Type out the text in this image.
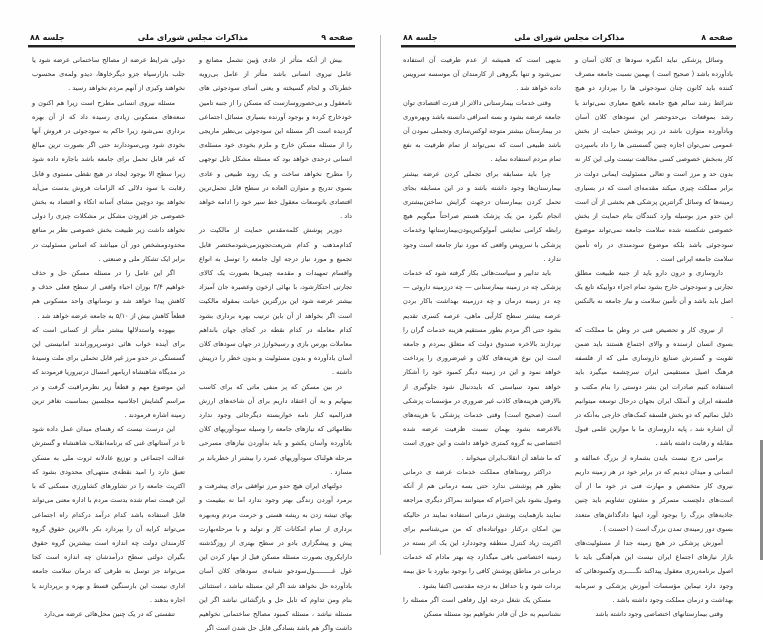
صفحه ۹
مذاکرات مجلس شورای ملی
جلسه ۸۸

بیش از آنکه متأثر از عادی ؤبین تشمل مصانع و عامل نیروی انسانی باشد متأثر از عامل بی‌رویه خطرناک و لجام گسیخته و یعنی آسای سودجوئی های نامعقول و بی‌حصوروسازست که مسکن را از جنبه تامین خودخارج کرده و بوجود آورنده بسیاری مسائل اجتماعی گردیده است اگر مسئله این سودجوئی بی‌نظیر ماریجی را از مسئله مسکن خارج و ملزم بخودی خود مسئله‌ی انسانی درحدی خواهد بود که مسئله مشکل تابل توجهی را مطرح نخواهد ساخت و یک روند طبیعی و عادی بسوی تدریج و متوازن العاده در سطح قابل تحمل‌ترین اقتصادی باتوسعات معقول خط سیر خود را ادامه خواهد داد .

دوزیر پوشش کلمه‌مقدس حمایت از مالکیت در کدام‌مذهب و کدام شریعت‌تجویزمی‌شودمختصر قابل تجمیع و مورد نیاز درجه اول جامعه را توسل به انواع واقسام تمهیدات و مقدمه چینی‌ها بصورت یک کالای تجارتی احتکارشود، با بهائی ازخون وعصیره جان آمیزاد بیشتر عرضه شود این بزرگترین خیانت بمقوله مالکیت است اگر بخواهد از آن باین ترتیب بهره برداری بشود کدام معامله در کدام نقطه در کجای جهان بانداهم معاملات بورس بازی و رسیخوارژ در جهان سودهای کلان آسان بادآورده و بدون مسئولیت و بدون خطر را درپیش داشته .

در بین مسکن که پر منفی ماتی که برای کاسب بینهایم و به آن اعتقاد داریم برای آن شاخه‌های ارزش قدرالمیه کنار نامه خواربسته دیگرجائی وجود ندارد نظامهائی که نیازهای جامعه را وسیله سودآوریهای کلان بادآورده وآسان یکشو و باید بدآوردن نیازهای مسرحی مرحله هولناک سودآوریهای عمرد را بیشتر از خطرباند بر مسازد .

دولتهای ایران هیچ حدو مرز توافقی برای پیشرفت و برمرد آوردن زندگی بهتر وجود ندارد اما نه بیقیمت و بهای تیشه زدن به ریشه هستی و حرمت مردم وبه‌بهره برداری از تمام امکانات کار و تولید و با مرحله‌بهارت پیش و پیشگزاری بادو در سطح بهتری از روزگذشته دارایکروی بصورت مسئله مسکن قبل از مهار کردن این غول غـــــــــول‌سودجو شبانه‌ی سودهای کلان آسان بادآورده حل نخواهد شد اگر این مسئله نباشد ، استثنائی بنام ومن تداوم که تابل حل و بازگشائی نباشد اگر این مسئله نباشد ، مسئله کمبود مصالح ساختمانی نخواهیم داشت واگر هم باشد بسادگی قابل حل شدن است اگر

دولی شرایط عرضه از مصالح ساختمانی عرضه شود یا جلب بازارسیاه جزو دیگرخاوها، دیدو ولمه‌ی محسوب نخواهند وکیزی از آنهم مردم نخواهد رسید .

مسئله نیروی انسانی مطرح است زیرا هم اکنون و سعه‌های مسکونی زیادی رسیده داد که از آن بهره برداری نمی‌شود زیرا حاکم به سودجوئی در فروش آنها بخودی شود وبی‌سوددارند حتی اگر بصورت ترین مبالغ که غیر قابل تحمل برای جامعه باشد باجاره داده شود زیرا سطح الا بوجود ایجاد در هیچ نقطی مستوی و قابل رقابت با سود دلالی که الزامات فروش بدست می‌آید نخواهد بود دوچین مشای آسانه اتکاء و اقتصاد به بخش خصوصی جز افزودن مشکل بر مشکلات چیزی را دولی نخواهد داشت زیر طبیعت بخش خصوصی نظر بر منافع محدودومشخص دور آن میباشد که اساس مسئولیت در برابر ایک تشکار ملی و صنعتی .

اگر این عامل را در مسئله مسکن حل و حذف خواهیم ۳/۴ بوزان احیاء واقعی از سطح فعلی حذف و کاهش پیدا خواهد شد و نوسانهای واحد مسکونی هم قطعاً کاهش بیش از ۵/۱۰ به جامعه عرضه خواهد شد .

بیهوده واستدلالها بیشتر متأثر از کسانی است که برای آینده خواب هائی دوسرپروراندند امانیستی این گسستگی در حدو مرز غیر قابل تحملی برای ملت وسیدهٔ در مدیگاه شاهنشاه اریامهر امسال درتیروریا فرمودند که این موضوع مهم و قطعاً زیر نظرمراقبت گرفت و در مراسم گشایش اجلاسیه مجلسین بمناسبت تغافر ترین زمینه اشاره فرمودند .

این درست نیست که رهنمای میدان عمل داده شود تا در آستانهای غنی که برنامه‌انقلاب شاهنشاه و گسترش عدالت اجتماعی و توزیع عادلانه ثروت ملی به مسکن تعبق دارد را امید نقطه‌ی منتهی‌ای محدودی بشود که اکثریت جامعه را در تشاورهای کشاورزی مسکنی که با این قیمت تمام شده بدست مردم با اداره معنی می‌تواند قابل استفاده باشد کدام درآمد درکدام راه اجتماعی می‌تواند کرایه آن را بپردازد بکر بالاترین حقوق گروه کارمندان دولت چه اندازه است بیشترین گروه حقوق بگیران دولتی سطح درآمدشان چه اندازه است کجا می‌تواند جز توسل به طرقی که درمان سلامت جامعه اداری نیست این بارسنگین قسط و بهره و برپردازند یا اجاره بدهند .

تنفستی که در یک چنین محل‌هائی عرضه می‌دارد

صفحه ۸
مذاکرات مجلس شورای ملی
جلسه ۸۸

وسائل پزشکی نباید انگیزه سودها ی کلان آسان و بادآورده باشد ( صحیح است ) بهمین نسبت جامعه مصرف کننده باید کانون چنان سودجوئی ها را بپردازد دو هیچ شرائط رشد سالم هیچ جامعه باهیچ معیاری نمی‌تواند یا رشد بموقعات بی‌حدوحصر این سودهای کلان آسان وبادآورده متوازن باشد در زیر پوشش حمایت از بخش عمومی نمی‌توان اجازه چنین گسستنی ها را داد باسپردن کار به‌بخش خصوصی کسی مخالفت نیست ولی این کار نه بدون حد و مرز است و تعالی مسئولیت ایمانی دولت در برابر مملکت چیزی میکند مقدمه‌ای است که در بسیاری زمینه‌ها که وسائل گرانترین پزشکی هم بخشی از آن است این حدو مرز بوسیله وارد کنندگان بنام حمایت از بخش خصوصی شکسته شده سلامت جامعه نمی‌تواند موضوع سودجوئی باشد بلکه موضوع سودمندی در راه تأمین سلامت جامعه ایرانی است .

داروسازی و درون دارو باید از جنبه طبیعت مطلق تجارتی و سودجوئی خارج بشود تمام اجزاء دواییکه تابع یک اصل باید باشد و آن تأمین سلامت و نیاز جامعه نه بالنکس .

از نیروی کار و تحصیص فنی در وطن ما مملکت که بسوی انسان ارسنده و والای اجتماع هستند باید ضمن تقویت و گسترش صنایع داروسازی ملی که از فلسفه فرهنگ اصیل مستقیمی ایران سرچشمه میگیرد باید استفاده کنیم صادرات این بشر دوستی را بنام مکتب و فلسفه ایران و آنملک ایران بجهان درحال توسعه میتوانیم ذلیل نمائیم که دو بخش فلسفه کمک‌های خارجی به‌آنکه در آن اشاره شد ، پایه داروسازی ما با موازین علمی قبول مقابله و رقابت داشته باشد .

برامبی درج نیست بایدن بشماره از بزرگ عمالقه و انسانی و میدان دیدیم که در برابر خود در هر زمینه داریم نیروی کار متخصص و مهارت فنی در خود ما از آن است‌های دلچسب متمرکز و مشئون تشاویم باید چنین جاذبه‌های بزرگ را بوجود آورد اینها دادگذاش‌های متعدد بسوی دور زمینه‌ی تمدن بزرگ است ( احسنت ) .

آموزش پزشکی در هیچ زمینه جدا از مسئولیت‌های بازار نیازهای اجتماع ایران نیست این هم‌آهنگی باید با اصول برنامه‌ریزی معقول پیداکند نگـــــری وکمبودهائی که وجود دارد تیماین مؤسسات آموزش پزشکی و سرمایه بهداشت و درمان مملکت وجود داشته باشد .

وقتی بیمارستانهای اختصاصی وجود داشته باشد

بدیهی است که همیشه از عدم ظرفیت آن استفاده نمی‌شود و تنها بگروهی از کارمندان آن موسسه سرویس داده خواهد شد .

وقتی خدمات بیمارستانی دالاتر از قدرت اقتصادی توان جامعه عرضه بشود و بسه اسرافی دانسته باشد وبهره‌وری در بیمارستان بیشتر متوجه لوکس‌سازی وتجملی نمودن آن باشد طبیعی است که نمی‌تواند از تمام ظرفیت به نفع تمام مردم استفاده نماید .

چرا باید مسابقه برای تجملی کردن عرضه بیشتر بیمارستان‌ها وجود داشته باشد و در این مسابقه بجای تحمل کردن بیمارستان درجهت گرایش ساختن‌بیشتری انجام نگیرد من یک پزشک هستم صراحتاً میگویم هیچ رابطه کرامی نمایشی آمولوکس‌بودن‌بیمارستانها وخدمات پزشکی با سرویس واقعی که مورد نیاز جامعه است وجود ندارد .

باید تدابیر و سیاست‌هائی بکار گرفته شود که خدمات پزشکی چه در زمینه بیمارستانی — چه درزمینه داروئی — چه در زمینه درمان و چه درزمینه بهداشت باکار بردن عرصه بیشتر سطح کارآیی ماهی، عرصه کسری تقدیم بشود حتی اگر مردم بطور مستقیم هزینه خدمات گران را نپردازند بالاخره صندوق دولت که متعلق بمردم و جامعه است این نوع هزینه‌های کلان و غیرضروری را پرداخت خواهد نمود و این در زمینه دیگر کمبود خود را آشکار خواهد نمود سیاستی که بایددنبال شود جلوگیری از بالارفتن هزینه‌های کاذب غیر ضروری در مؤسسات پزشکی است (صحیح است) وقتی خدمات پزشکی با هزینه‌های بالاعرضه بشود بهمان نسبت ظرفیت عرضه شده اختصاصی به گروه کمتری خواهد داشت و این جوری است که ما شاهد آن انقلاب‌ایران میخواند .

دراکثر روستاهای مملکت خدمات عرضه ی درمانی بطور هم پوششی ندارد حتی بسه درمانی هم از آنکه وصول بشود باین احترام که میتوانند بمراکز دیگری مراجعه نمایند بازهمایت پوشش درمانی استفاده نمایند در حالیکه بین امکان درکنار دوواتناده‌ای که من می‌شناسم برای اکثریت زیاد کنترل منطقه وجوددارد این یک اثر بسته در زمینه اختصاصی باقی میگذارد چه بهتر مادام که خدمات درمانی در مناطق پوشش کافی را بوجود بیاورد با حق بیمه بردات شود و یا حداقل به درجه مقدسی اکتفا بشود .

مسکن یک شغل درجه اول رفاهی است اگر مسئله را نشناسیم به حل آن قادر نخواهیم بود مسئله مسکن
